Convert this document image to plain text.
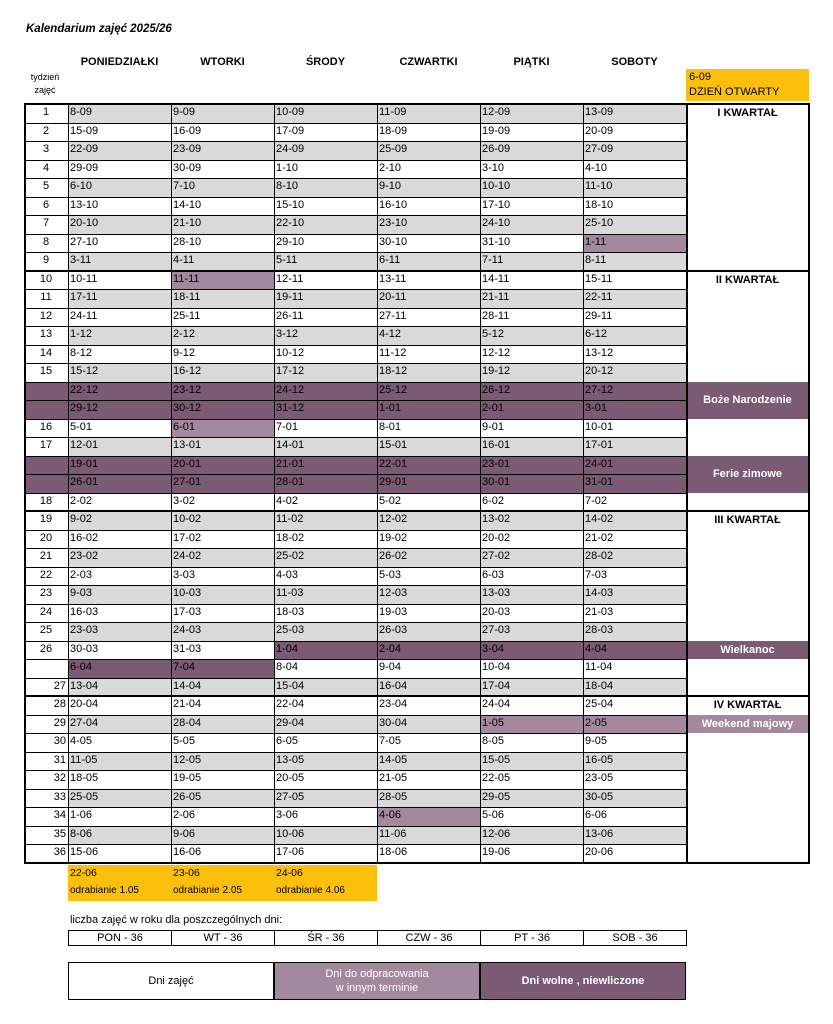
Kalendarium zajęć 2025/26
PONIEDZIAŁKI	WTORKI	ŚRODY	CZWARTKI	PIĄTKI	SOBOTY
tydzień
zajęć
6-09
DZIEŃ OTWARTY
1	8-09	9-09	10-09	11-09	12-09	13-09
2	15-09	16-09	17-09	18-09	19-09	20-09
3	22-09	23-09	24-09	25-09	26-09	27-09
4	29-09	30-09	1-10	2-10	3-10	4-10
5	6-10	7-10	8-10	9-10	10-10	11-10
6	13-10	14-10	15-10	16-10	17-10	18-10
7	20-10	21-10	22-10	23-10	24-10	25-10
8	27-10	28-10	29-10	30-10	31-10	1-11
9	3-11	4-11	5-11	6-11	7-11	8-11
10	10-11	11-11	12-11	13-11	14-11	15-11
11	17-11	18-11	19-11	20-11	21-11	22-11
12	24-11	25-11	26-11	27-11	28-11	29-11
13	1-12	2-12	3-12	4-12	5-12	6-12
14	8-12	9-12	10-12	11-12	12-12	13-12
15	15-12	16-12	17-12	18-12	19-12	20-12
22-12	23-12	24-12	25-12	26-12	27-12
29-12	30-12	31-12	1-01	2-01	3-01
16	5-01	6-01	7-01	8-01	9-01	10-01
17	12-01	13-01	14-01	15-01	16-01	17-01
19-01	20-01	21-01	22-01	23-01	24-01
26-01	27-01	28-01	29-01	30-01	31-01
18	2-02	3-02	4-02	5-02	6-02	7-02
19	9-02	10-02	11-02	12-02	13-02	14-02
20	16-02	17-02	18-02	19-02	20-02	21-02
21	23-02	24-02	25-02	26-02	27-02	28-02
22	2-03	3-03	4-03	5-03	6-03	7-03
23	9-03	10-03	11-03	12-03	13-03	14-03
24	16-03	17-03	18-03	19-03	20-03	21-03
25	23-03	24-03	25-03	26-03	27-03	28-03
26	30-03	31-03	1-04	2-04	3-04	4-04
6-04	7-04	8-04	9-04	10-04	11-04
27 13-04	14-04	15-04	16-04	17-04	18-04
28 20-04	21-04	22-04	23-04	24-04	25-04
29 27-04	28-04	29-04	30-04	1-05	2-05
30 4-05	5-05	6-05	7-05	8-05	9-05
31 11-05	12-05	13-05	14-05	15-05	16-05
32 18-05	19-05	20-05	21-05	22-05	23-05
33 25-05	26-05	27-05	28-05	29-05	30-05
34 1-06	2-06	3-06	4-06	5-06	6-06
35 8-06	9-06	10-06	11-06	12-06	13-06
36 15-06	16-06	17-06	18-06	19-06	20-06
I KWARTAŁ
II KWARTAŁ
III KWARTAŁ
Wielkanoc
IV KWARTAŁ
Weekend majowy
Boże Narodzenie
Ferie zimowe
22-06
odrabianie 1.05
23-06
odrabianie 2.05
24-06
odrabianie 4.06
liczba zajęć w roku dla poszczególnych dni:
PON - 36	WT - 36	ŚR - 36	CZW - 36	PT - 36	SOB - 36
Dni zajęć
Dni do odpracowania
w innym terminie
Dni wolne , niewliczone
